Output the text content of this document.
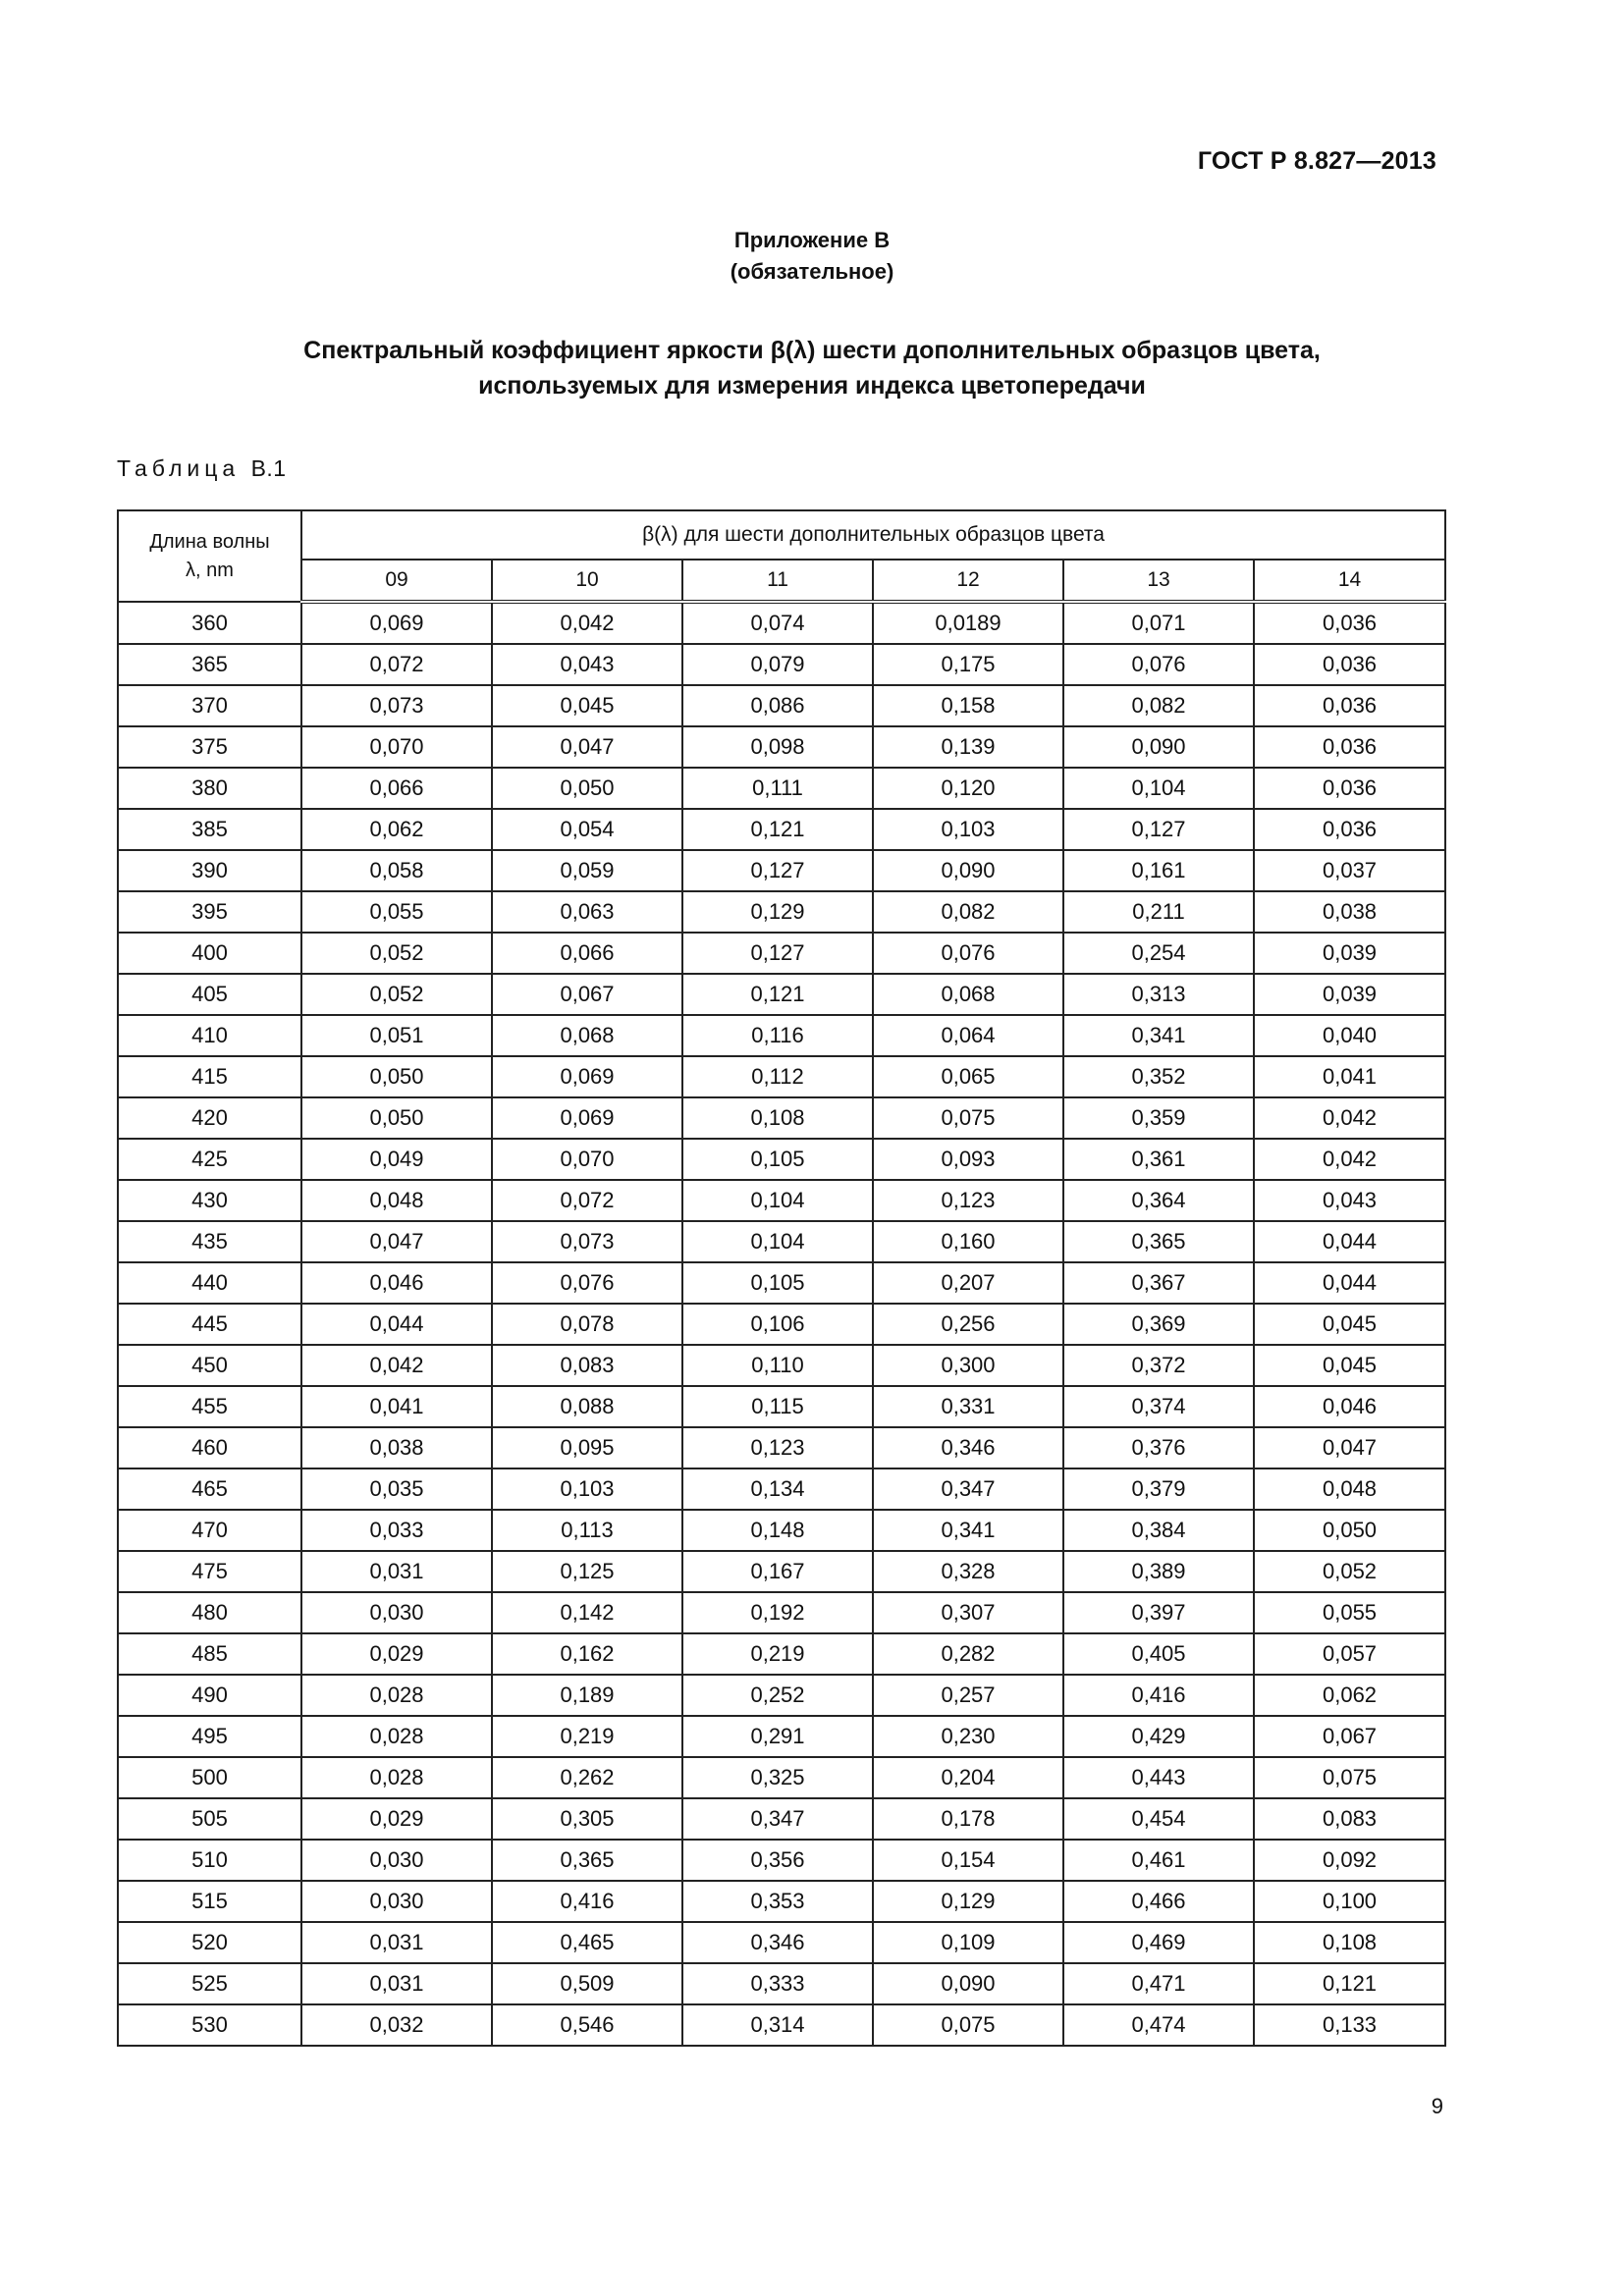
ГОСТ Р 8.827—2013
Приложение В
(обязательное)
Спектральный коэффициент яркости β(λ) шести дополнительных образцов цвета,
используемых для измерения индекса цветопередачи
Таблица В.1
Длина волны
λ, nm	β(λ) для шести дополнительных образцов цвета					
	09	10	11	12	13	14
360	0,069	0,042	0,074	0,0189	0,071	0,036
365	0,072	0,043	0,079	0,175	0,076	0,036
370	0,073	0,045	0,086	0,158	0,082	0,036
375	0,070	0,047	0,098	0,139	0,090	0,036
380	0,066	0,050	0,111	0,120	0,104	0,036
385	0,062	0,054	0,121	0,103	0,127	0,036
390	0,058	0,059	0,127	0,090	0,161	0,037
395	0,055	0,063	0,129	0,082	0,211	0,038
400	0,052	0,066	0,127	0,076	0,254	0,039
405	0,052	0,067	0,121	0,068	0,313	0,039
410	0,051	0,068	0,116	0,064	0,341	0,040
415	0,050	0,069	0,112	0,065	0,352	0,041
420	0,050	0,069	0,108	0,075	0,359	0,042
425	0,049	0,070	0,105	0,093	0,361	0,042
430	0,048	0,072	0,104	0,123	0,364	0,043
435	0,047	0,073	0,104	0,160	0,365	0,044
440	0,046	0,076	0,105	0,207	0,367	0,044
445	0,044	0,078	0,106	0,256	0,369	0,045
450	0,042	0,083	0,110	0,300	0,372	0,045
455	0,041	0,088	0,115	0,331	0,374	0,046
460	0,038	0,095	0,123	0,346	0,376	0,047
465	0,035	0,103	0,134	0,347	0,379	0,048
470	0,033	0,113	0,148	0,341	0,384	0,050
475	0,031	0,125	0,167	0,328	0,389	0,052
480	0,030	0,142	0,192	0,307	0,397	0,055
485	0,029	0,162	0,219	0,282	0,405	0,057
490	0,028	0,189	0,252	0,257	0,416	0,062
495	0,028	0,219	0,291	0,230	0,429	0,067
500	0,028	0,262	0,325	0,204	0,443	0,075
505	0,029	0,305	0,347	0,178	0,454	0,083
510	0,030	0,365	0,356	0,154	0,461	0,092
515	0,030	0,416	0,353	0,129	0,466	0,100
520	0,031	0,465	0,346	0,109	0,469	0,108
525	0,031	0,509	0,333	0,090	0,471	0,121
530	0,032	0,546	0,314	0,075	0,474	0,133
9
